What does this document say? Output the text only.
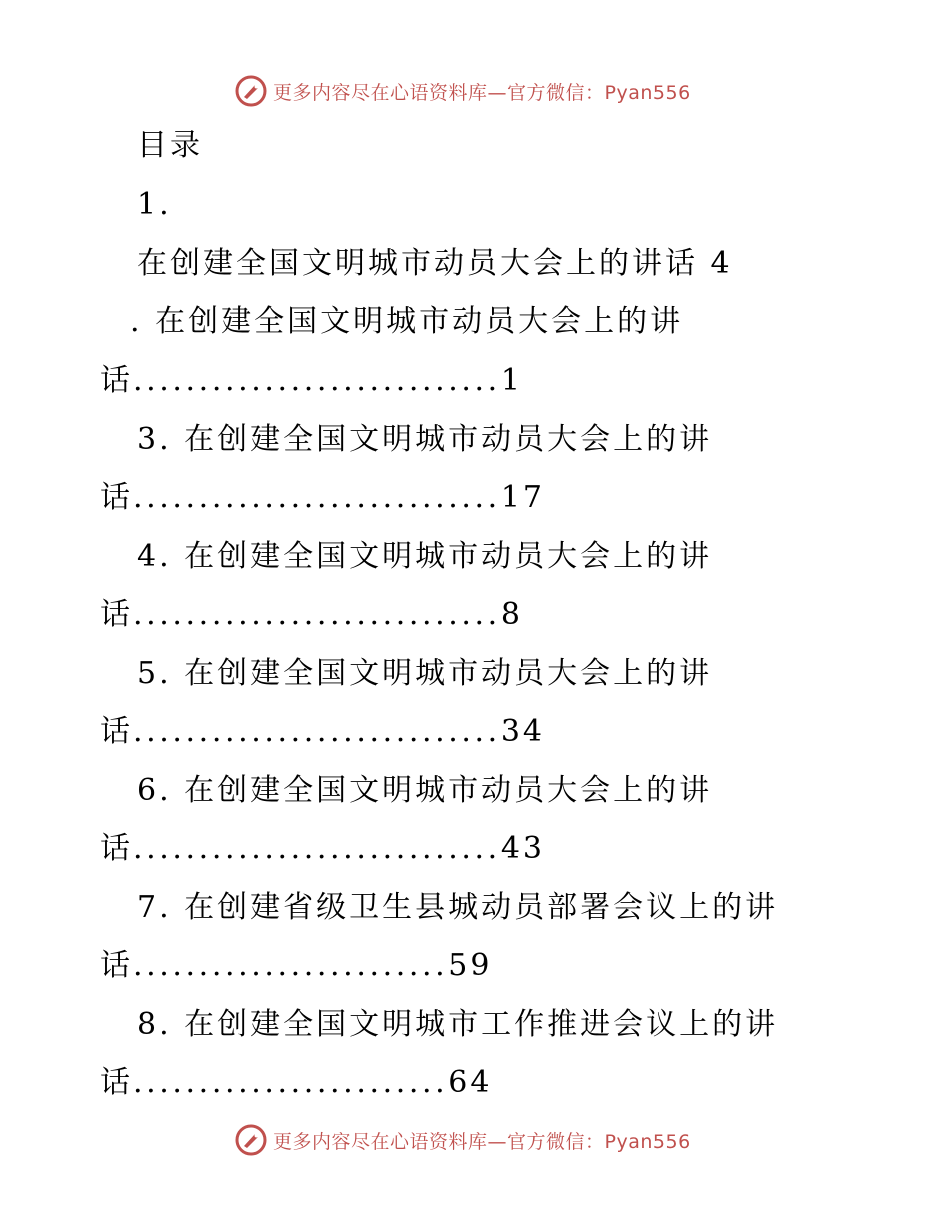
更多内容尽在心语资料库—官方微信：Pyan556
目录
1.
在创建全国文明城市动员大会上的讲话 4
. 在创建全国文明城市动员大会上的讲
话............................1
3. 在创建全国文明城市动员大会上的讲
话............................17
4. 在创建全国文明城市动员大会上的讲
话............................8
5. 在创建全国文明城市动员大会上的讲
话............................34
6. 在创建全国文明城市动员大会上的讲
话............................43
7. 在创建省级卫生县城动员部署会议上的讲
话........................59
8. 在创建全国文明城市工作推进会议上的讲
话........................64
更多内容尽在心语资料库—官方微信：Pyan556
